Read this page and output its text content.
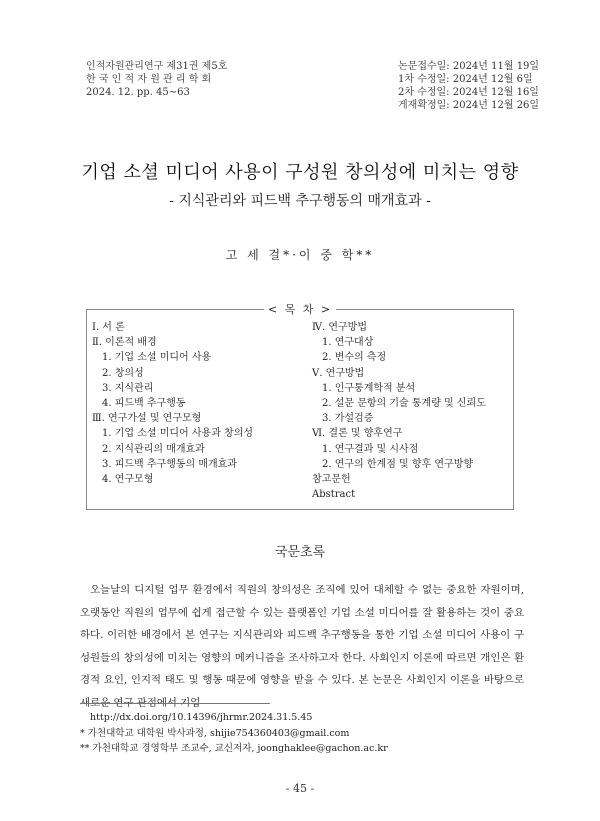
인적자원관리연구 제31권 제5호
한 국 인 적 자 원 관 리 학 회
2024. 12. pp. 45∼63
논문접수일: 2024년 11월 19일
1차 수정일: 2024년 12월 6일
2차 수정일: 2024년 12월 16일
게재확정일: 2024년 12월 26일
기업 소셜 미디어 사용이 구성원 창의성에 미치는 영향
- 지식관리와 피드백 추구행동의 매개효과 -
고 세 걸*·이 중 학**
< 목 차 >
Ⅰ. 서 론
Ⅱ. 이론적 배경
1. 기업 소셜 미디어 사용
2. 창의성
3. 지식관리
4. 피드백 추구행동
Ⅲ. 연구가설 및 연구모형
1. 기업 소셜 미디어 사용과 창의성
2. 지식관리의 매개효과
3. 피드백 추구행동의 매개효과
4. 연구모형
Ⅳ. 연구방법
1. 연구대상
2. 변수의 측정
Ⅴ. 연구방법
1. 인구통계학적 분석
2. 설문 문항의 기술 통계량 및 신뢰도
3. 가설검증
Ⅵ. 결론 및 향후연구
1. 연구결과 및 시사점
2. 연구의 한계점 및 향후 연구방향
참고문헌
Abstract
국문초록
오늘날의 디지털 업무 환경에서 직원의 창의성은 조직에 있어 대체할 수 없는 중요한 자원이며, 오랫동안 직원의 업무에 쉽게 접근할 수 있는 플랫폼인 기업 소셜 미디어를 잘 활용하는 것이 중요하다. 이러한 배경에서 본 연구는 지식관리와 피드백 추구행동을 통한 기업 소셜 미디어 사용이 구성원들의 창의성에 미치는 영향의 메커니즘을 조사하고자 한다. 사회인지 이론에 따르면 개인은 환경적 요인, 인지적 태도 및 행동 때문에 영향을 받을 수 있다. 본 논문은 사회인지 이론을 바탕으로 새로운 연구 관점에서 기업
http://dx.doi.org/10.14396/jhrmr.2024.31.5.45
* 가천대학교 대학원 박사과정, shijie754360403@gmail.com
** 가천대학교 경영학부 조교수, 교신저자, joonghaklee@gachon.ac.kr
- 45 -
